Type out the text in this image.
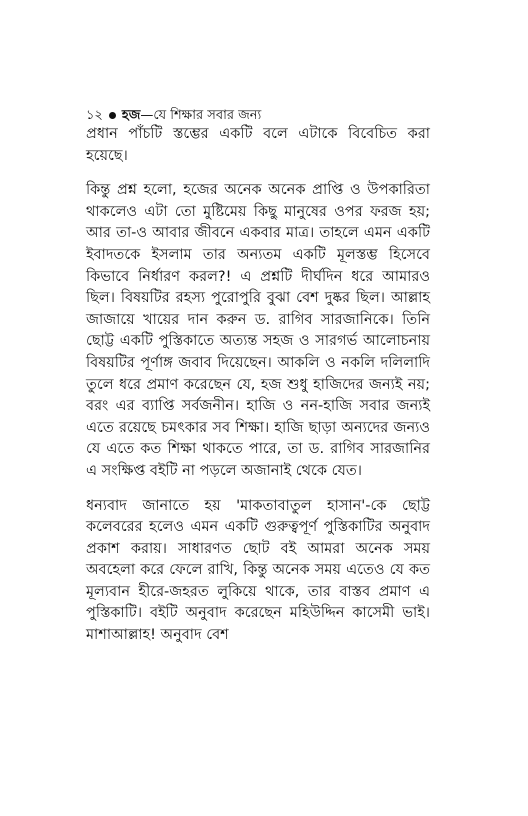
১২ হজ—যে শিক্ষার সবার জন্য

প্রধান পাঁচটি স্তম্ভের একটি বলে এটাকে বিবেচিত করা হয়েছে।

কিন্তু প্রশ্ন হলো, হজের অনেক অনেক প্রাপ্তি ও উপকারিতা থাকলেও এটা তো মুষ্টিমেয় কিছু মানুষের ওপর ফরজ হয়; আর তা-ও আবার জীবনে একবার মাত্র। তাহলে এমন একটি ইবাদতকে ইসলাম তার অন্যতম একটি মূলস্তম্ভ হিসেবে কিভাবে নির্ধারণ করল?! এ প্রশ্নটি দীর্ঘদিন ধরে আমারও ছিল। বিষয়টির রহস্য পুরোপুরি বুঝা বেশ দুষ্কর ছিল। আল্লাহ জাজায়ে খায়ের দান করুন ড. রাগিব সারজানিকে। তিনি ছোট্ট একটি পুস্তিকাতে অত্যন্ত সহজ ও সারগর্ভ আলোচনায় বিষয়টির পূর্ণাঙ্গ জবাব দিয়েছেন। আকলি ও নকলি দলিলাদি তুলে ধরে প্রমাণ করেছেন যে, হজ শুধু হাজিদের জন্যই নয়; বরং এর ব্যাপ্তি সর্বজনীন। হাজি ও নন-হাজি সবার জন্যই এতে রয়েছে চমৎকার সব শিক্ষা। হাজি ছাড়া অন্যদের জন্যও যে এতে কত শিক্ষা থাকতে পারে, তা ড. রাগিব সারজানির এ সংক্ষিপ্ত বইটি না পড়লে অজানাই থেকে যেত।

ধন্যবাদ জানাতে হয় 'মাকতাবাতুল হাসান'-কে ছোট্ট কলেবরের হলেও এমন একটি গুরুত্বপূর্ণ পুস্তিকাটির অনুবাদ প্রকাশ করায়। সাধারণত ছোট বই আমরা অনেক সময় অবহেলা করে ফেলে রাখি, কিন্তু অনেক সময় এতেও যে কত মূল্যবান হীরে-জহরত লুকিয়ে থাকে, তার বাস্তব প্রমাণ এ পুস্তিকাটি। বইটি অনুবাদ করেছেন মহিউদ্দিন কাসেমী ভাই। মাশাআল্লাহ! অনুবাদ বেশ
